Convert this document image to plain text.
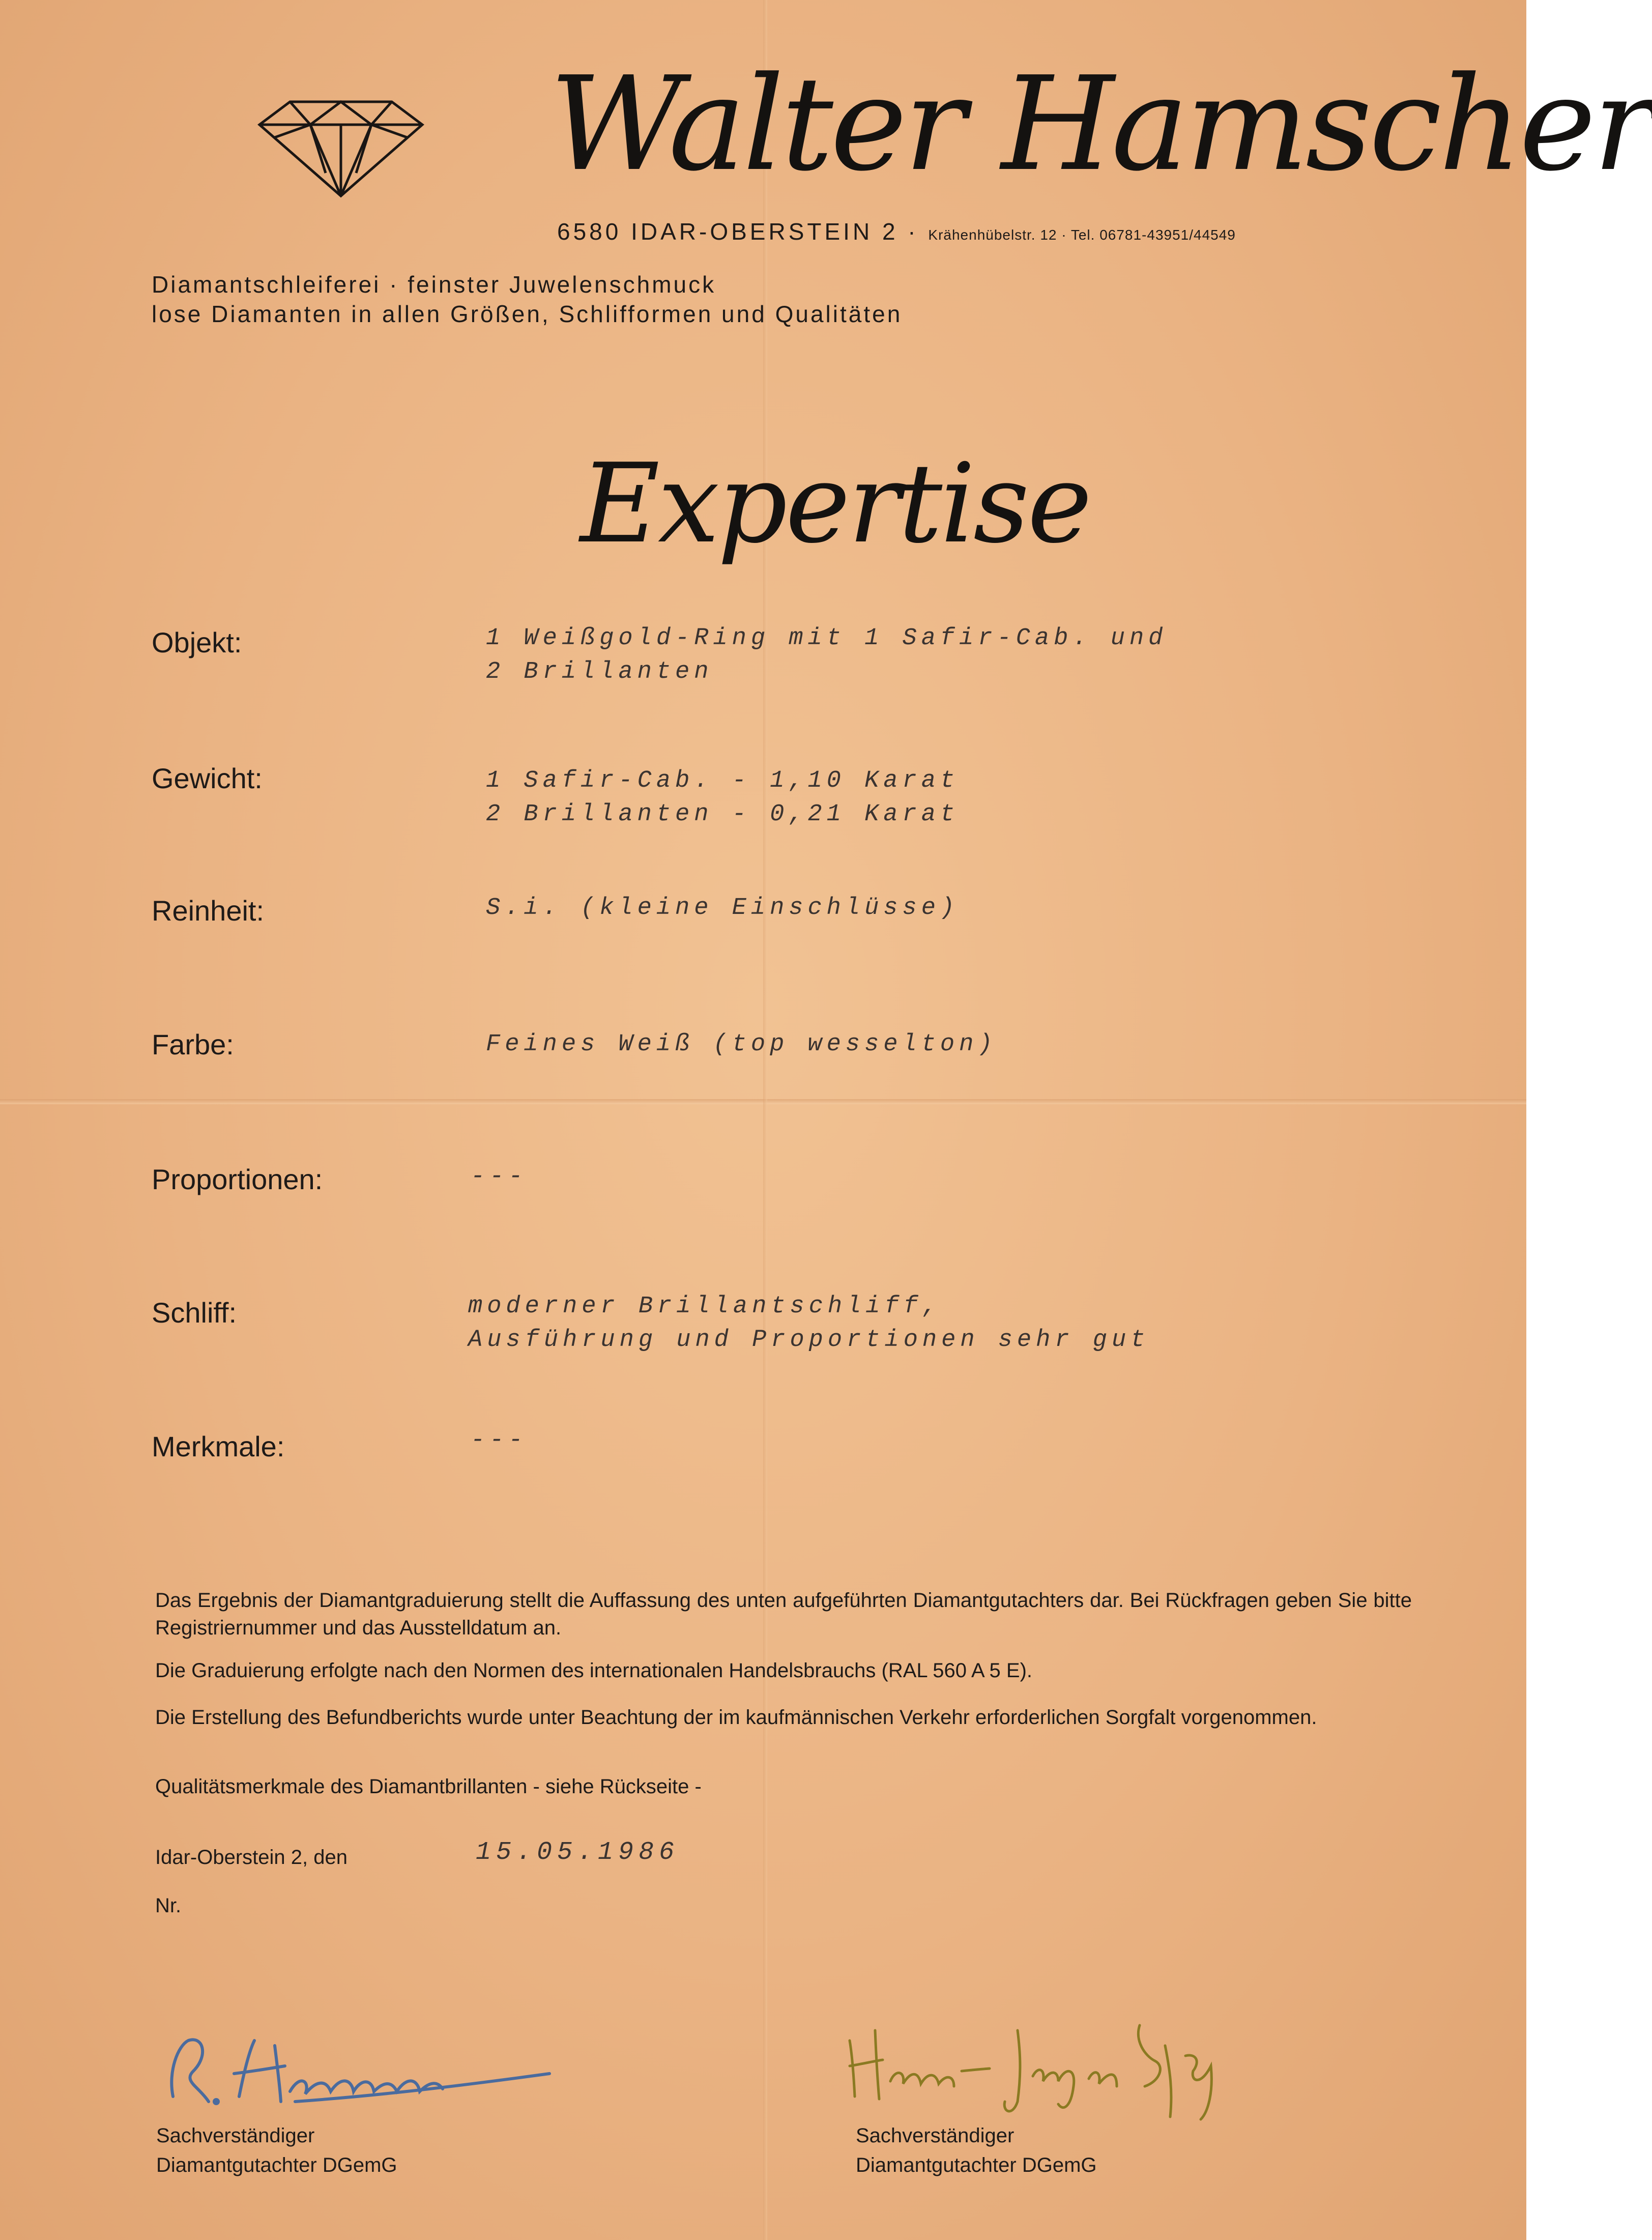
Walter Hamscher
6580 IDAR-OBERSTEIN 2 · Krähenhübelstr. 12 · Tel. 06781-43951/44549
Diamantschleiferei · feinster Juwelenschmuck
lose Diamanten in allen Größen, Schlifformen und Qualitäten
Expertise
Objekt:	1 Weißgold-Ring mit 1 Safir-Cab. und
2 Brillanten
Gewicht:	1 Safir-Cab. - 1,10 Karat
2 Brillanten - 0,21 Karat
Reinheit:	S.i. (kleine Einschlüsse)
Farbe:	Feines Weiß (top wesselton)
Proportionen:	---
Schliff:	moderner Brillantschliff,
Ausführung und Proportionen sehr gut
Merkmale:	---
Das Ergebnis der Diamantgraduierung stellt die Auffassung des unten aufgeführten Diamantgutachters dar. Bei Rückfragen geben Sie bitte Registriernummer und das Ausstelldatum an.
Die Graduierung erfolgte nach den Normen des internationalen Handelsbrauchs (RAL 560 A 5 E).
Die Erstellung des Befundberichts wurde unter Beachtung der im kaufmännischen Verkehr erforderlichen Sorgfalt vorgenommen.
Qualitätsmerkmale des Diamantbrillanten - siehe Rückseite -
Idar-Oberstein 2, den	15.05.1986
Nr.
Sachverständiger
Diamantgutachter DGemG
Sachverständiger
Diamantgutachter DGemG
